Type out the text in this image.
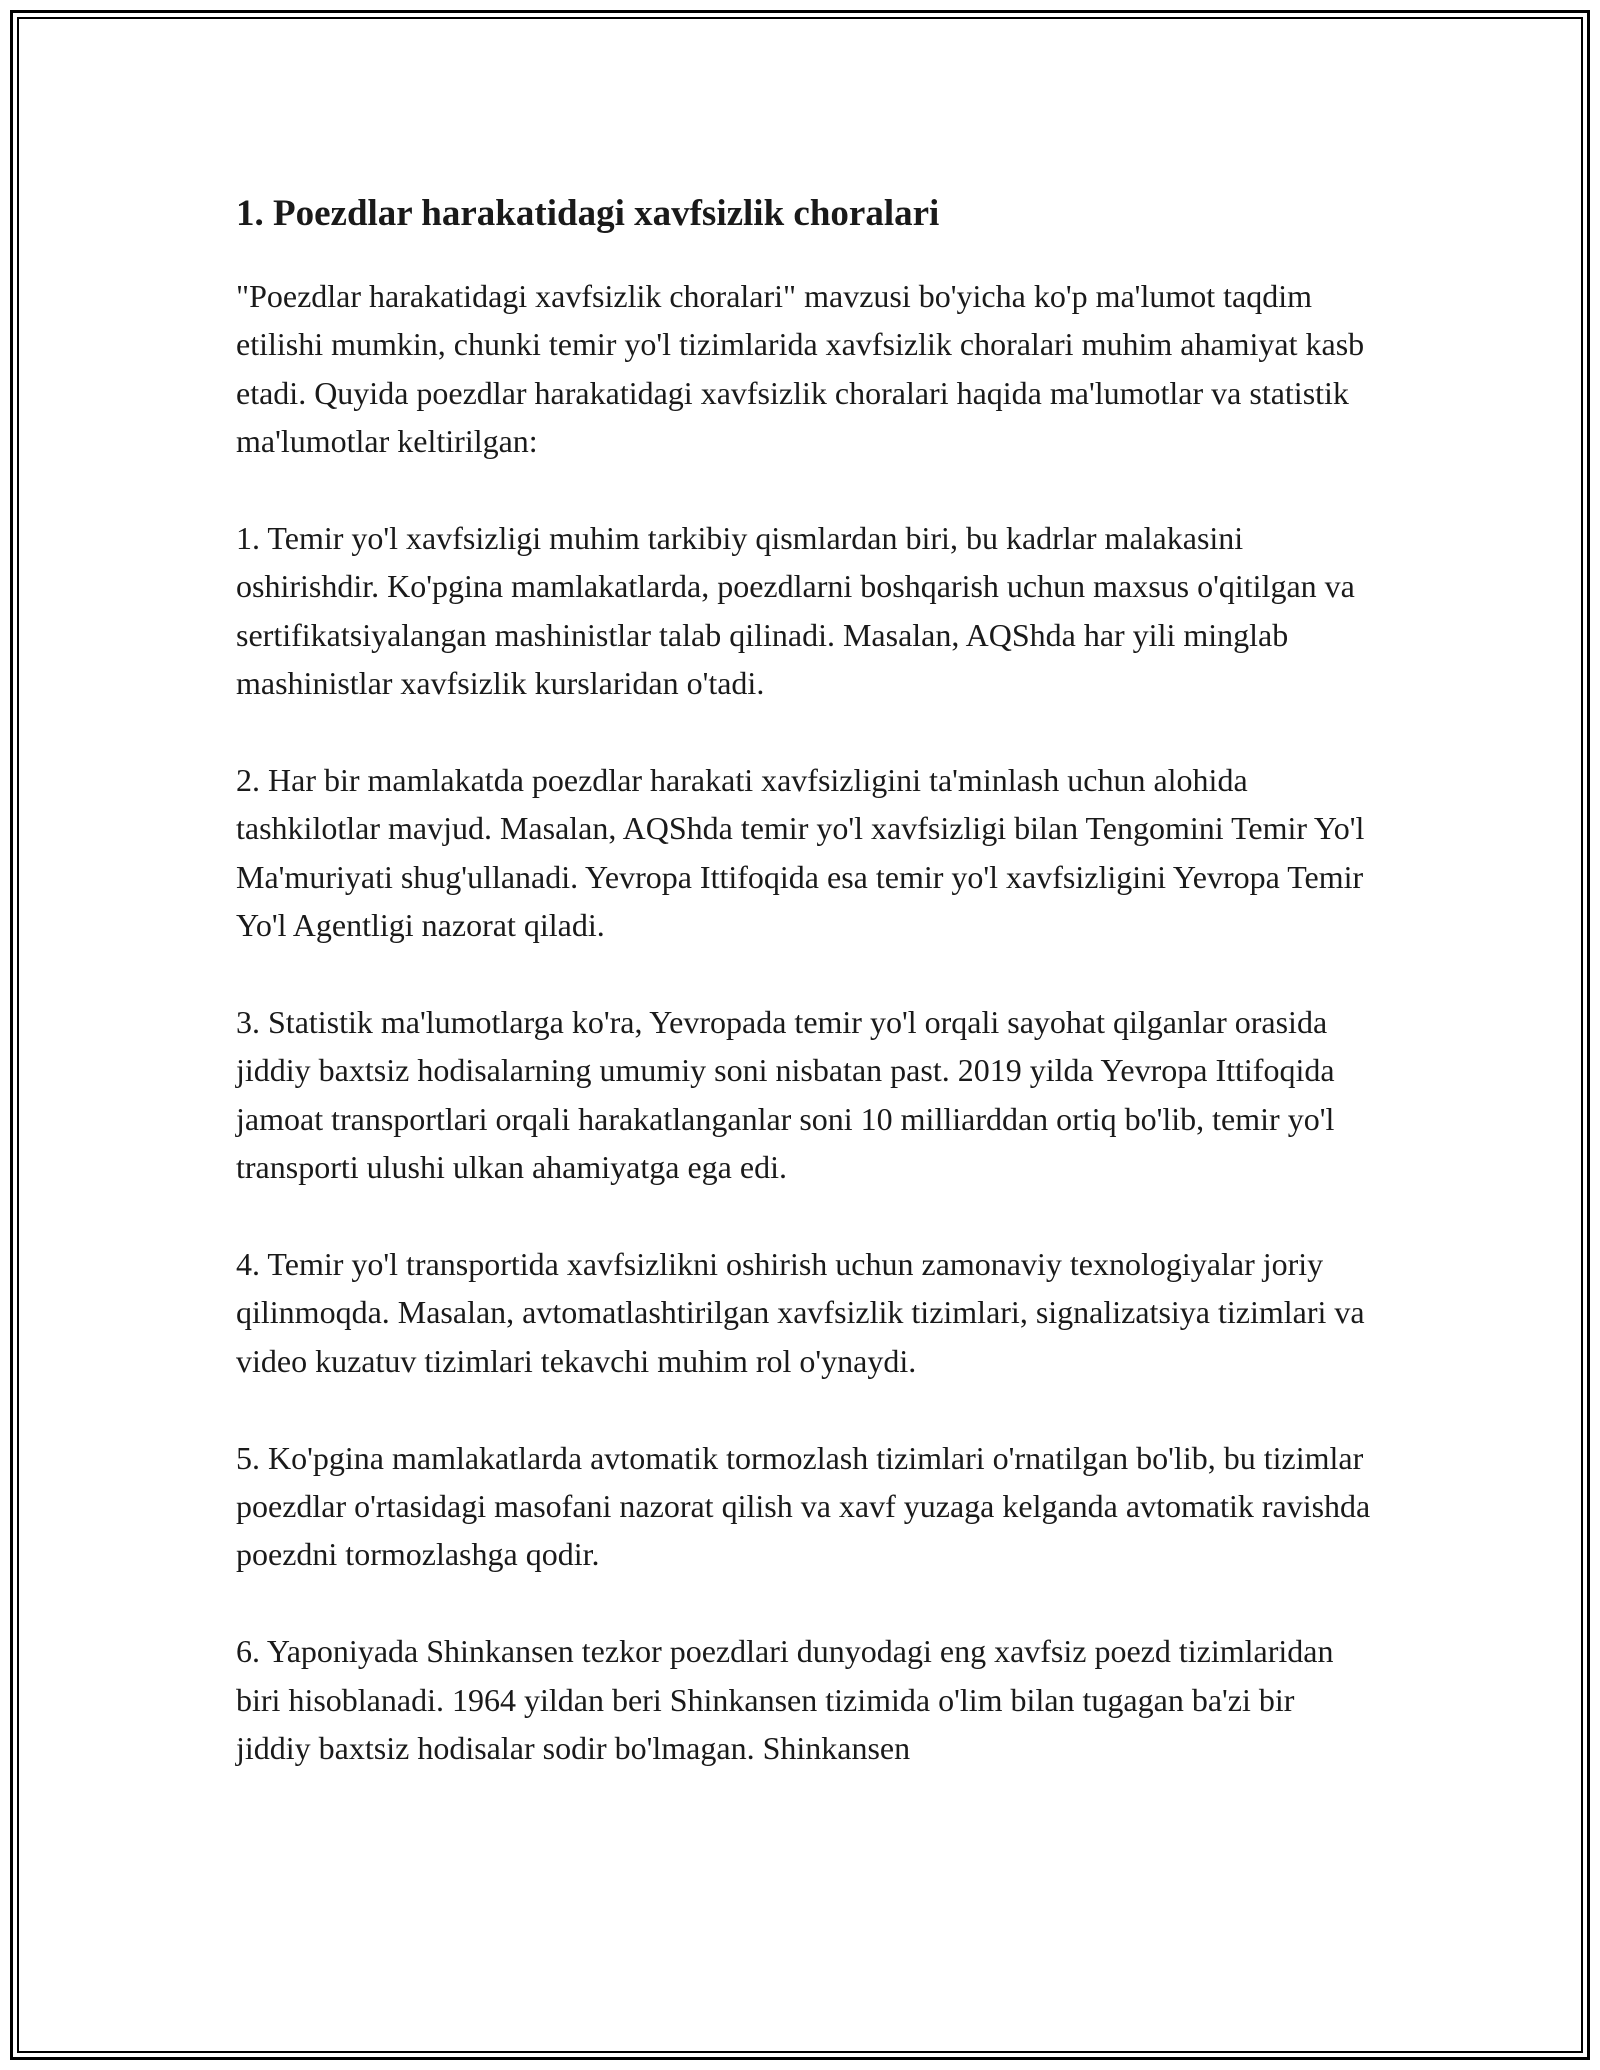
1. Poezdlar harakatidagi xavfsizlik choralari

"Poezdlar harakatidagi xavfsizlik choralari" mavzusi bo'yicha ko'p ma'lumot taqdim etilishi mumkin, chunki temir yo'l tizimlarida xavfsizlik choralari muhim ahamiyat kasb etadi. Quyida poezdlar harakatidagi xavfsizlik choralari haqida ma'lumotlar va statistik ma'lumotlar keltirilgan:

1. Temir yo'l xavfsizligi muhim tarkibiy qismlardan biri, bu kadrlar malakasini oshirishdir. Ko'pgina mamlakatlarda, poezdlarni boshqarish uchun maxsus o'qitilgan va sertifikatsiyalangan mashinistlar talab qilinadi. Masalan, AQShda har yili minglab mashinistlar xavfsizlik kurslaridan o'tadi.

2. Har bir mamlakatda poezdlar harakati xavfsizligini ta'minlash uchun alohida tashkilotlar mavjud. Masalan, AQShda temir yo'l xavfsizligi bilan Tengomini Temir Yo'l Ma'muriyati shug'ullanadi. Yevropa Ittifoqida esa temir yo'l xavfsizligini Yevropa Temir Yo'l Agentligi nazorat qiladi.

3. Statistik ma'lumotlarga ko'ra, Yevropada temir yo'l orqali sayohat qilganlar orasida jiddiy baxtsiz hodisalarning umumiy soni nisbatan past. 2019 yilda Yevropa Ittifoqida jamoat transportlari orqali harakatlanganlar soni 10 milliarddan ortiq bo'lib, temir yo'l transporti ulushi ulkan ahamiyatga ega edi.

4. Temir yo'l transportida xavfsizlikni oshirish uchun zamonaviy texnologiyalar joriy qilinmoqda. Masalan, avtomatlashtirilgan xavfsizlik tizimlari, signalizatsiya tizimlari va video kuzatuv tizimlari tekavchi muhim rol o'ynaydi.

5. Ko'pgina mamlakatlarda avtomatik tormozlash tizimlari o'rnatilgan bo'lib, bu tizimlar poezdlar o'rtasidagi masofani nazorat qilish va xavf yuzaga kelganda avtomatik ravishda poezdni tormozlashga qodir.

6. Yaponiyada Shinkansen tezkor poezdlari dunyodagi eng xavfsiz poezd tizimlaridan biri hisoblanadi. 1964 yildan beri Shinkansen tizimida o'lim bilan tugagan ba'zi bir jiddiy baxtsiz hodisalar sodir bo'lmagan. Shinkansen
